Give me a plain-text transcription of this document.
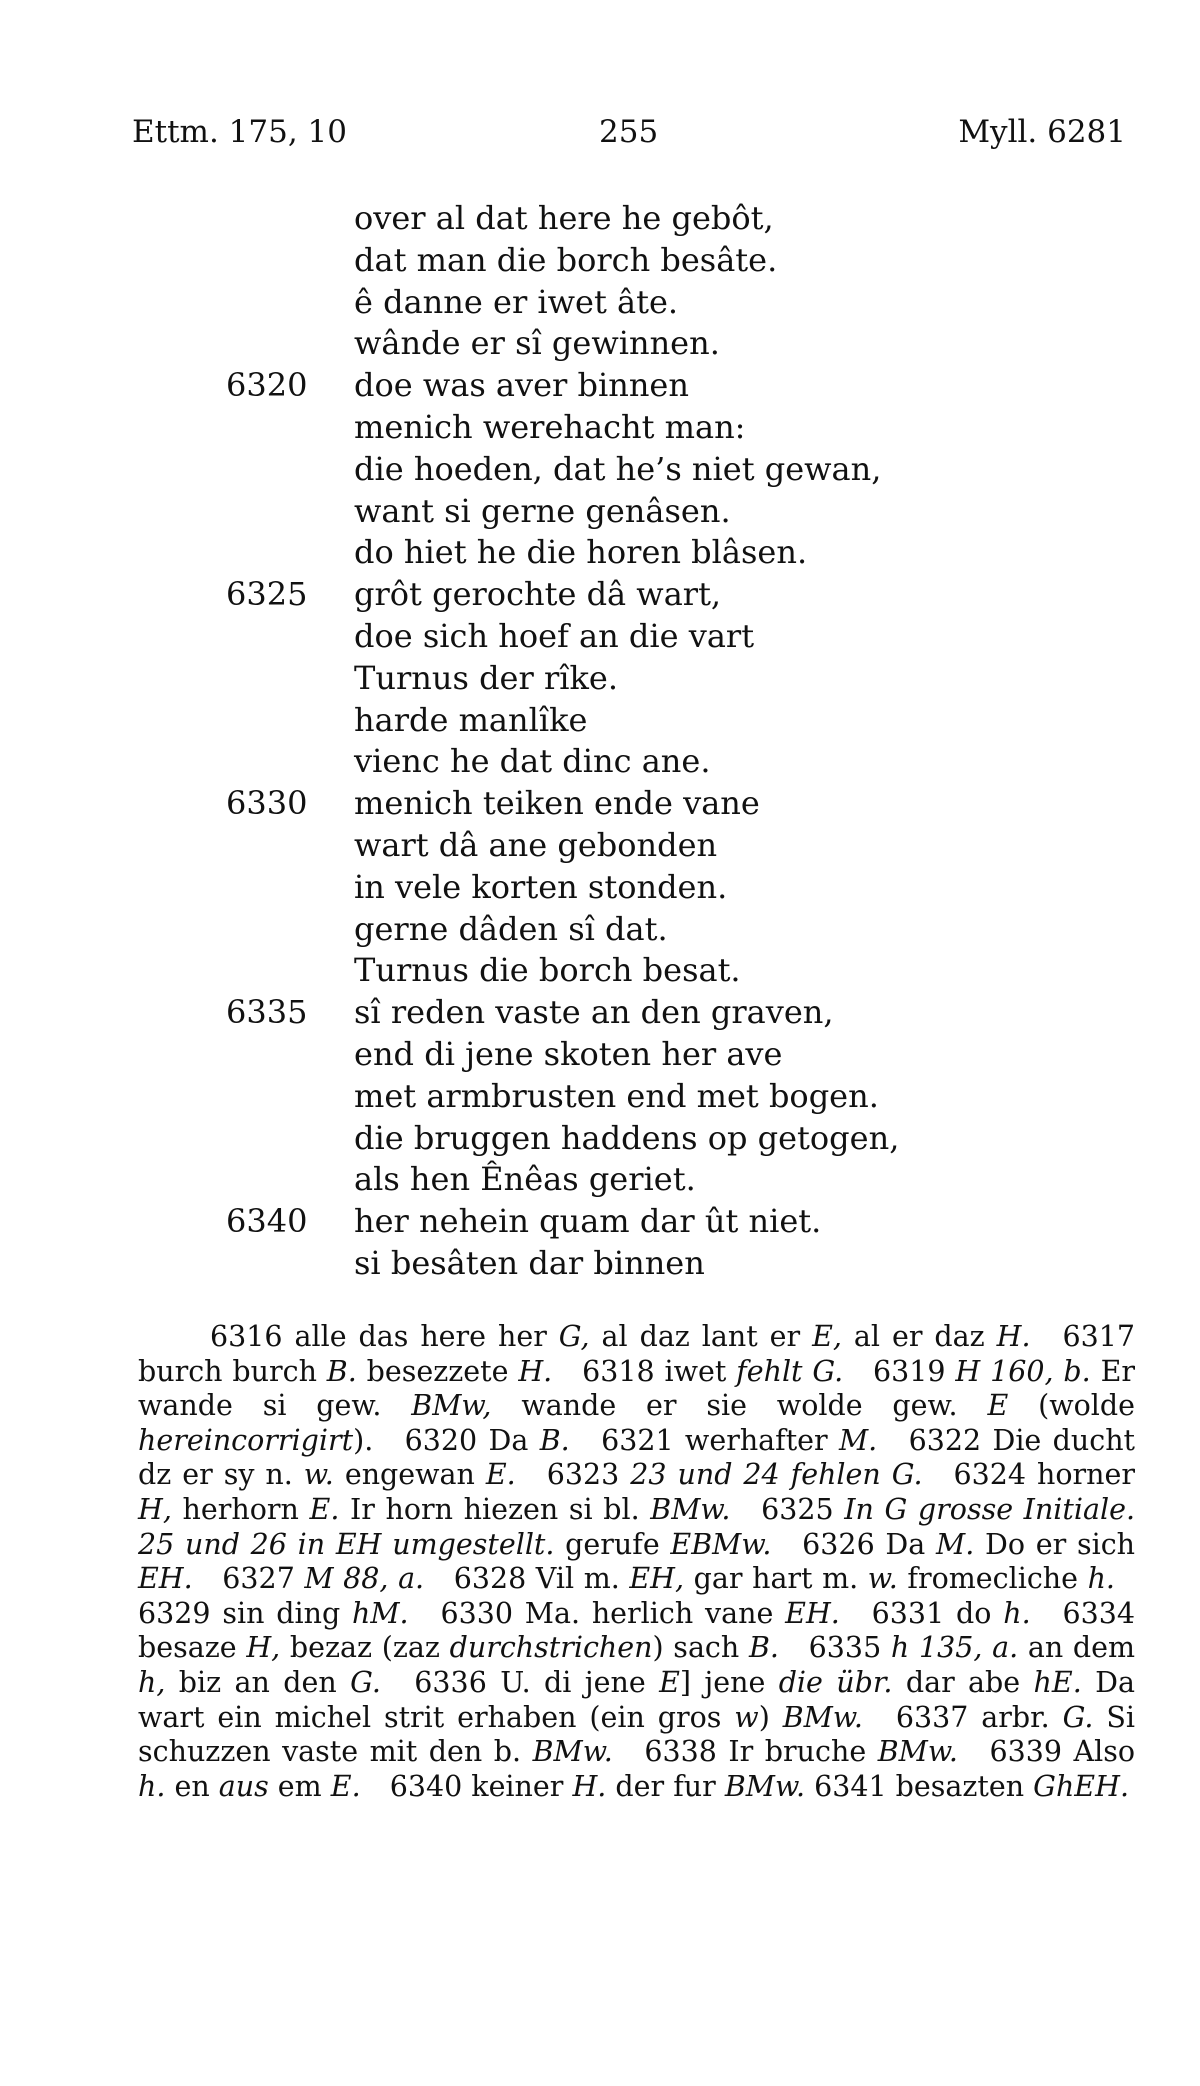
Ettm. 175, 10	255	Myll. 6281
over al dat here he gebôt,
dat man die borch besâte.
ê danne er iwet âte.
wânde er sî gewinnen.
6320 doe was aver binnen
menich werehacht man:
die hoeden, dat he’s niet gewan,
want si gerne genâsen.
do hiet he die horen blâsen.
6325 grôt gerochte dâ wart,
doe sich hoef an die vart
Turnus der rîke.
harde manlîke
vienc he dat dinc ane.
6330 menich teiken ende vane
wart dâ ane gebonden
in vele korten stonden.
gerne dâden sî dat.
Turnus die borch besat.
6335 sî reden vaste an den graven,
end di jene skoten her ave
met armbrusten end met bogen.
die bruggen haddens op getogen,
als hen Ênêas geriet.
6340 her nehein quam dar ût niet.
si besâten dar binnen
6316 alle das here her G, al daz lant er E, al er daz H. 6317 burch burch B. besezzete H. 6318 iwet fehlt G. 6319 H 160, b. Er wande si gew. BMw, wande er sie wolde gew. E (wolde hereincorrigirt). 6320 Da B. 6321 werhafter M. 6322 Die ducht dz er sy n. w. engewan E. 6323 23 und 24 fehlen G. 6324 horner H, herhorn E. Ir horn hiezen si bl. BMw. 6325 In G grosse Initiale. 25 und 26 in EH umgestellt. gerufe EBMw. 6326 Da M. Do er sich EH. 6327 M 88, a. 6328 Vil m. EH, gar hart m. w. fromecliche h. 6329 sin ding hM. 6330 Ma. herlich vane EH. 6331 do h. 6334 besaze H, bezaz (zaz durchstrichen) sach B. 6335 h 135, a. an dem h, biz an den G. 6336 U. di jene E] jene die übr. dar abe hE. Da wart ein michel strit erhaben (ein gros w) BMw. 6337 arbr. G. Si schuzzen vaste mit den b. BMw. 6338 Ir bruche BMw. 6339 Also h. en aus em E. 6340 keiner H. der fur BMw. 6341 besazten GhEH.
